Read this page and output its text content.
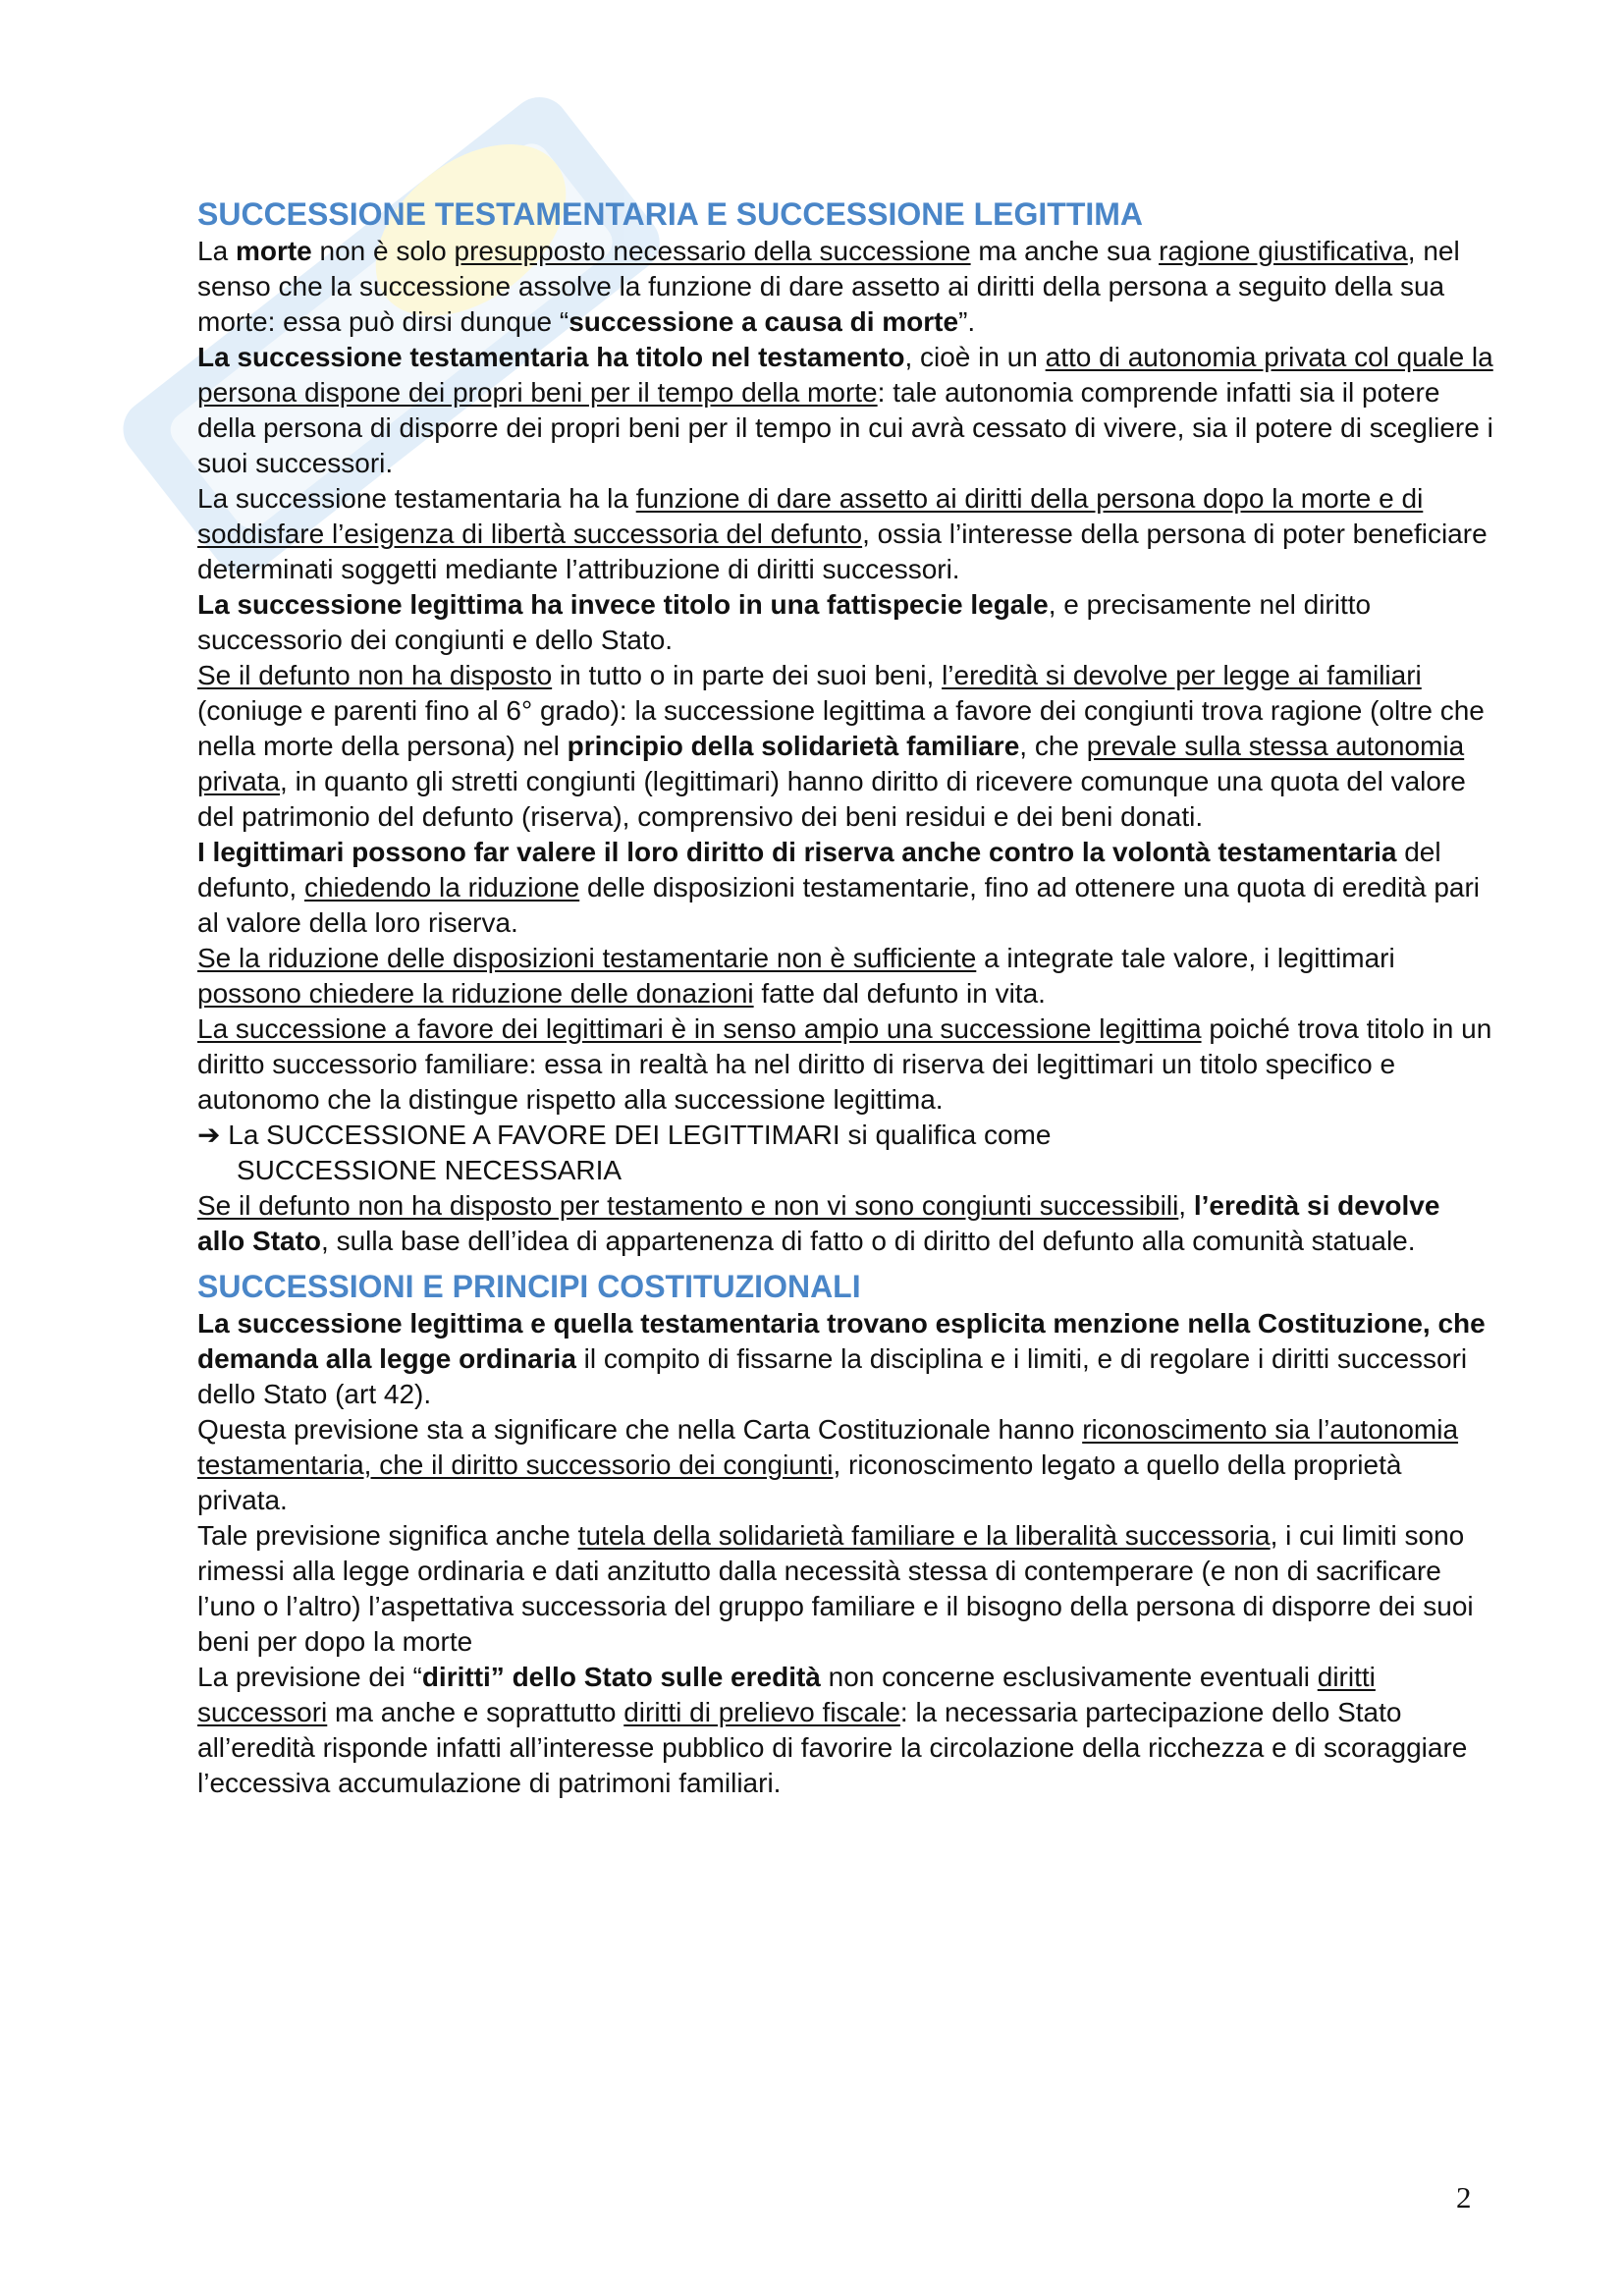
SUCCESSIONE TESTAMENTARIA E SUCCESSIONE LEGITTIMA

La morte non è solo presupposto necessario della successione ma anche sua ragione giustificativa, nel senso che la successione assolve la funzione di dare assetto ai diritti della persona a seguito della sua morte: essa può dirsi dunque “successione a causa di morte”.

La successione testamentaria ha titolo nel testamento, cioè in un atto di autonomia privata col quale la persona dispone dei propri beni per il tempo della morte: tale autonomia comprende infatti sia il potere della persona di disporre dei propri beni per il tempo in cui avrà cessato di vivere, sia il potere di scegliere i suoi successori.

La successione testamentaria ha la funzione di dare assetto ai diritti della persona dopo la morte e di soddisfare l’esigenza di libertà successoria del defunto, ossia l’interesse della persona di poter beneficiare determinati soggetti mediante l’attribuzione di diritti successori.

La successione legittima ha invece titolo in una fattispecie legale, e precisamente nel diritto successorio dei congiunti e dello Stato.

Se il defunto non ha disposto in tutto o in parte dei suoi beni, l’eredità si devolve per legge ai familiari (coniuge e parenti fino al 6° grado): la successione legittima a favore dei congiunti trova ragione (oltre che nella morte della persona) nel principio della solidarietà familiare, che prevale sulla stessa autonomia privata, in quanto gli stretti congiunti (legittimari) hanno diritto di ricevere comunque una quota del valore del patrimonio del defunto (riserva), comprensivo dei beni residui e dei beni donati.

I legittimari possono far valere il loro diritto di riserva anche contro la volontà testamentaria del defunto, chiedendo la riduzione delle disposizioni testamentarie, fino ad ottenere una quota di eredità pari al valore della loro riserva.

Se la riduzione delle disposizioni testamentarie non è sufficiente a integrate tale valore, i legittimari possono chiedere la riduzione delle donazioni fatte dal defunto in vita.

La successione a favore dei legittimari è in senso ampio una successione legittima poiché trova titolo in un diritto successorio familiare: essa in realtà ha nel diritto di riserva dei legittimari un titolo specifico e autonomo che la distingue rispetto alla successione legittima.

➔ La SUCCESSIONE A FAVORE DEI LEGITTIMARI si qualifica come
SUCCESSIONE NECESSARIA

Se il defunto non ha disposto per testamento e non vi sono congiunti successibili, l’eredità si devolve allo Stato, sulla base dell’idea di appartenenza di fatto o di diritto del defunto alla comunità statuale.

SUCCESSIONI E PRINCIPI COSTITUZIONALI

La successione legittima e quella testamentaria trovano esplicita menzione nella Costituzione, che demanda alla legge ordinaria il compito di fissarne la disciplina e i limiti, e di regolare i diritti successori dello Stato (art 42).

Questa previsione sta a significare che nella Carta Costituzionale hanno riconoscimento sia l’autonomia testamentaria, che il diritto successorio dei congiunti, riconoscimento legato a quello della proprietà privata.

Tale previsione significa anche tutela della solidarietà familiare e la liberalità successoria, i cui limiti sono rimessi alla legge ordinaria e dati anzitutto dalla necessità stessa di contemperare (e non di sacrificare l’uno o l’altro) l’aspettativa successoria del gruppo familiare e il bisogno della persona di disporre dei suoi beni per dopo la morte

La previsione dei “diritti” dello Stato sulle eredità non concerne esclusivamente eventuali diritti successori ma anche e soprattutto diritti di prelievo fiscale: la necessaria partecipazione dello Stato all’eredità risponde infatti all’interesse pubblico di favorire la circolazione della ricchezza e di scoraggiare l’eccessiva accumulazione di patrimoni familiari.

2
